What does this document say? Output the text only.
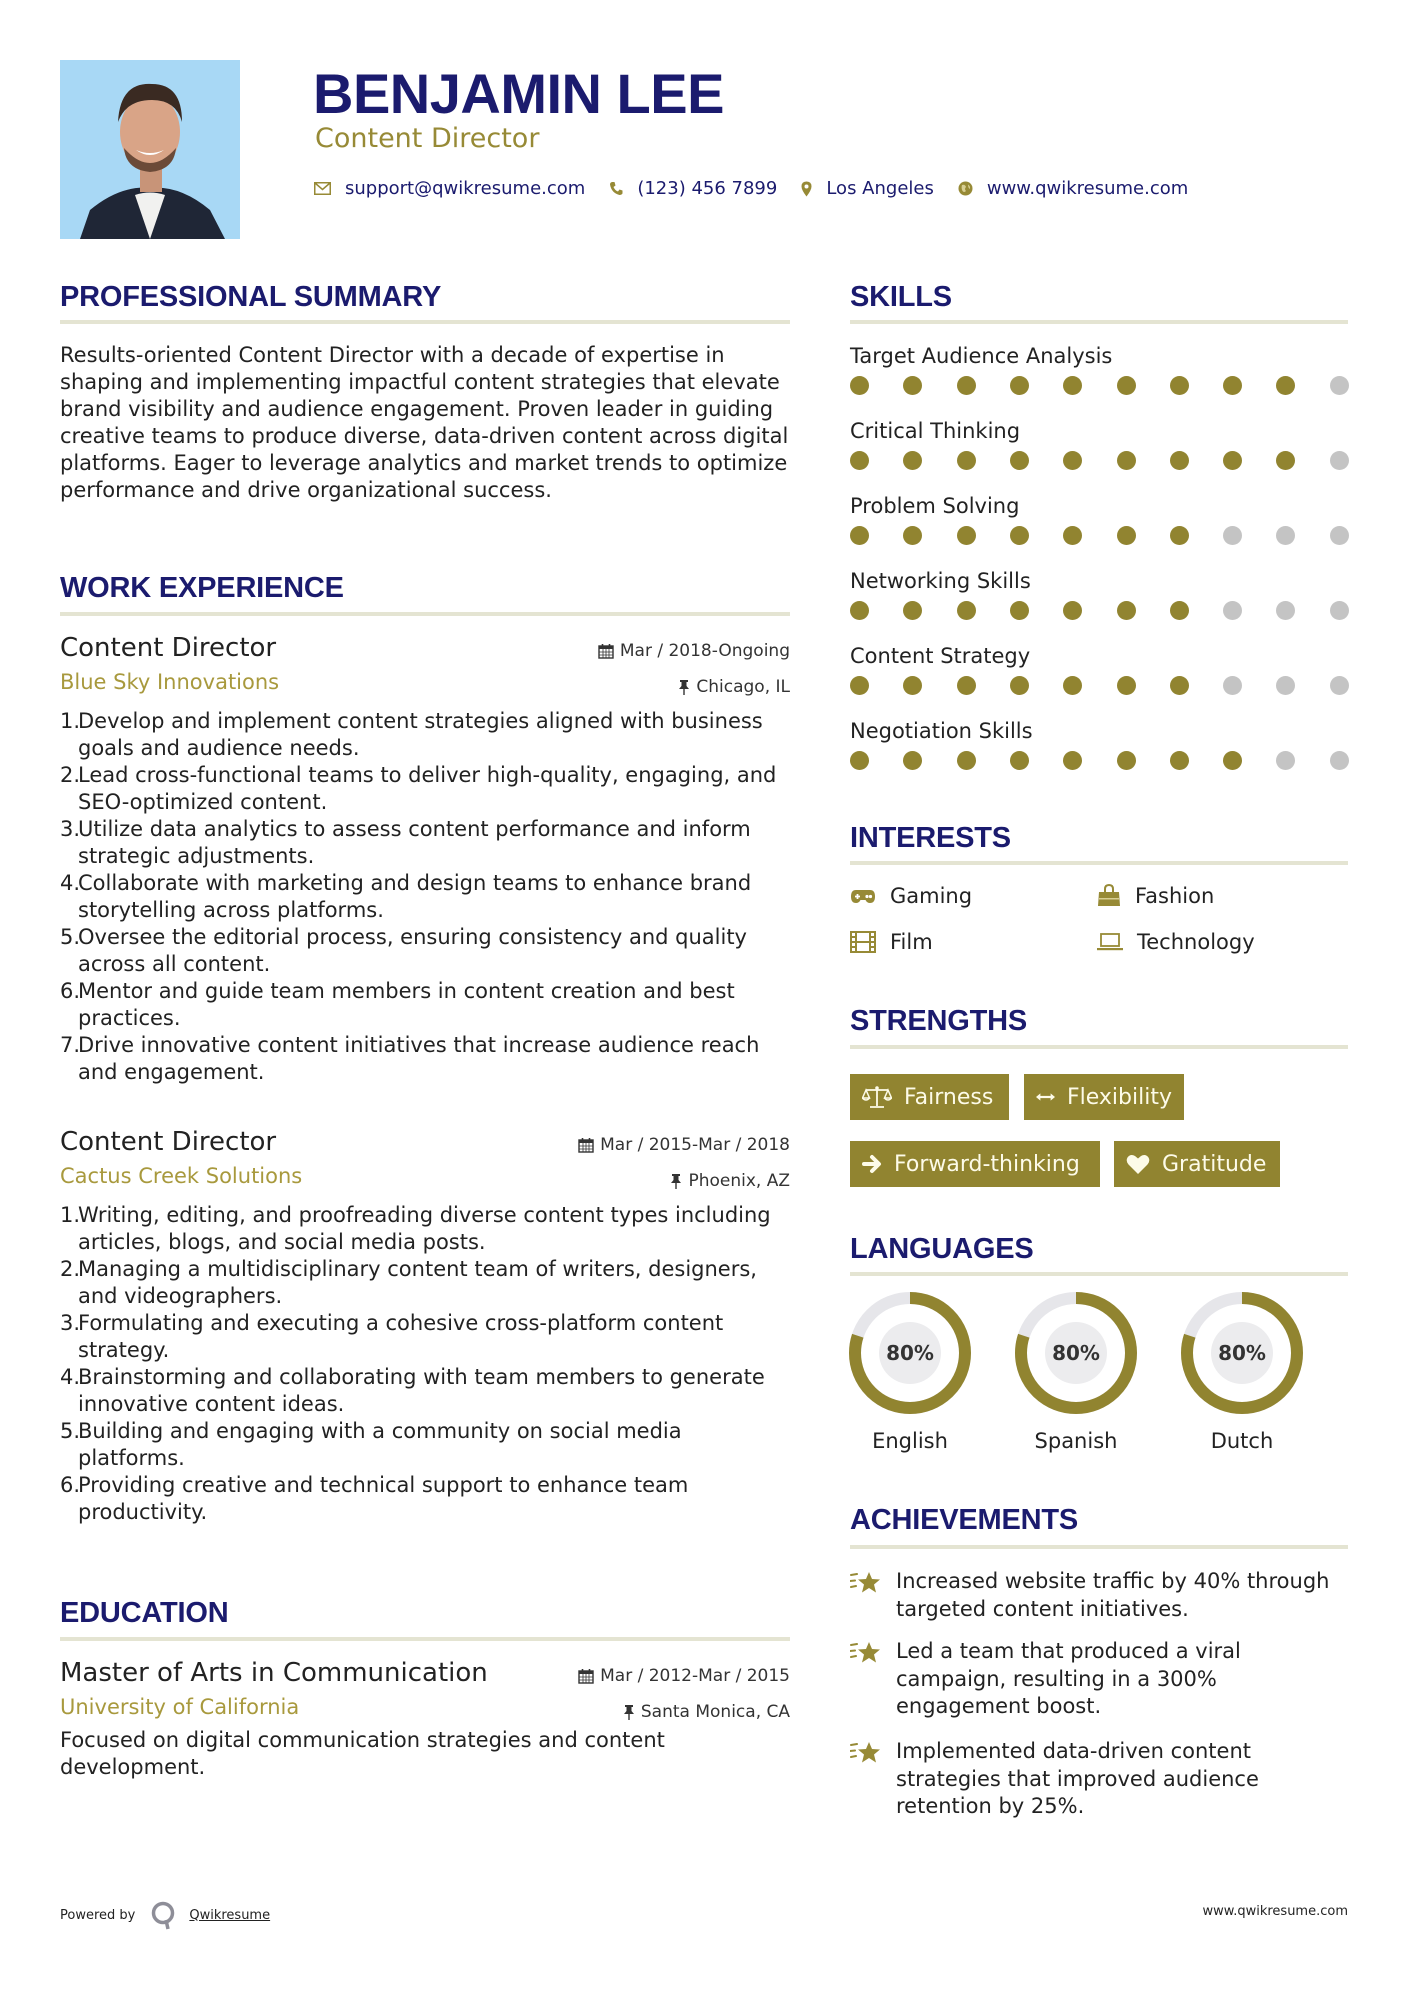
BENJAMIN LEE
Content Director
support@qwikresume.com	(123) 456 7899	Los Angeles	www.qwikresume.com
PROFESSIONAL SUMMARY
Results-oriented Content Director with a decade of expertise in shaping and implementing impactful content strategies that elevate brand visibility and audience engagement. Proven leader in guiding creative teams to produce diverse, data-driven content across digital platforms. Eager to leverage analytics and market trends to optimize performance and drive organizational success.
WORK EXPERIENCE
Content Director	Mar / 2018-Ongoing
Blue Sky Innovations	Chicago, IL
1.
Develop and implement content strategies aligned with business goals and audience needs.
2.
Lead cross-functional teams to deliver high-quality, engaging, and SEO-optimized content.
3.
Utilize data analytics to assess content performance and inform strategic adjustments.
4.
Collaborate with marketing and design teams to enhance brand storytelling across platforms.
5.
Oversee the editorial process, ensuring consistency and quality across all content.
6.
Mentor and guide team members in content creation and best practices.
7.
Drive innovative content initiatives that increase audience reach and engagement.
Content Director	Mar / 2015-Mar / 2018
Cactus Creek Solutions	Phoenix, AZ
1.
Writing, editing, and proofreading diverse content types including articles, blogs, and social media posts.
2.
Managing a multidisciplinary content team of writers, designers, and videographers.
3.
Formulating and executing a cohesive cross-platform content strategy.
4.
Brainstorming and collaborating with team members to generate innovative content ideas.
5.
Building and engaging with a community on social media platforms.
6.
Providing creative and technical support to enhance team productivity.
EDUCATION
Master of Arts in Communication	Mar / 2012-Mar / 2015
University of California	Santa Monica, CA
Focused on digital communication strategies and content development.
SKILLS
Target Audience Analysis
Critical Thinking
Problem Solving
Networking Skills
Content Strategy
Negotiation Skills
INTERESTS
Gaming	Fashion
Film	Technology
STRENGTHS
Fairness	Flexibility
Forward-thinking	Gratitude
LANGUAGES
80%
English
80%
Spanish
80%
Dutch
ACHIEVEMENTS
Increased website traffic by 40% through targeted content initiatives.
Led a team that produced a viral campaign, resulting in a 300% engagement boost.
Implemented data-driven content strategies that improved audience retention by 25%.
Powered by	Qwikresume	www.qwikresume.com
